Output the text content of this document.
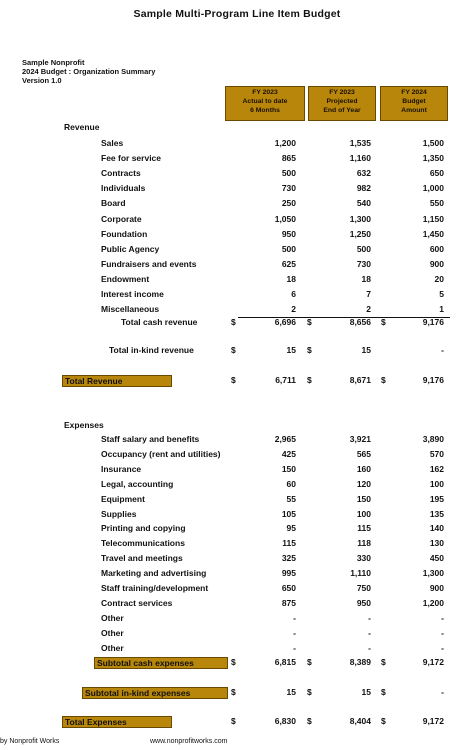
Sample Multi-Program Line Item Budget
Sample Nonprofit
2024 Budget : Organization Summary
Version 1.0
FY 2023
Actual to date
6 Months
FY 2023
Projected
End of Year
FY 2024
Budget
Amount
Revenue
Sales	1,200	1,535	1,500
Fee for service	865	1,160	1,350
Contracts	500	632	650
Individuals	730	982	1,000
Board	250	540	550
Corporate	1,050	1,300	1,150
Foundation	950	1,250	1,450
Public Agency	500	500	600
Fundraisers and events	625	730	900
Endowment	18	18	20
Interest income	6	7	5
Miscellaneous	2	2	1
Total cash revenue	$	6,696 $	8,656 $	9,176
Total in-kind revenue	$	15 $	15	-
Total Revenue	$	6,711 $	8,671 $	9,176
Expenses
Staff salary and benefits	2,965	3,921	3,890
Occupancy (rent and utilities)	425	565	570
Insurance	150	160	162
Legal, accounting	60	120	100
Equipment	55	150	195
Supplies	105	100	135
Printing and copying	95	115	140
Telecommunications	115	118	130
Travel and meetings	325	330	450
Marketing and advertising	995	1,110	1,300
Staff training/development	650	750	900
Contract services	875	950	1,200
Other	-	-	-
Other	-	-	-
Other	-	-	-
Subtotal cash expenses	$	6,815 $	8,389 $	9,172
Subtotal in-kind expenses	$	15 $	15 $	-
Total Expenses	$	6,830 $	8,404 $	9,172
by Nonprofit Works	www.nonprofitworks.com
